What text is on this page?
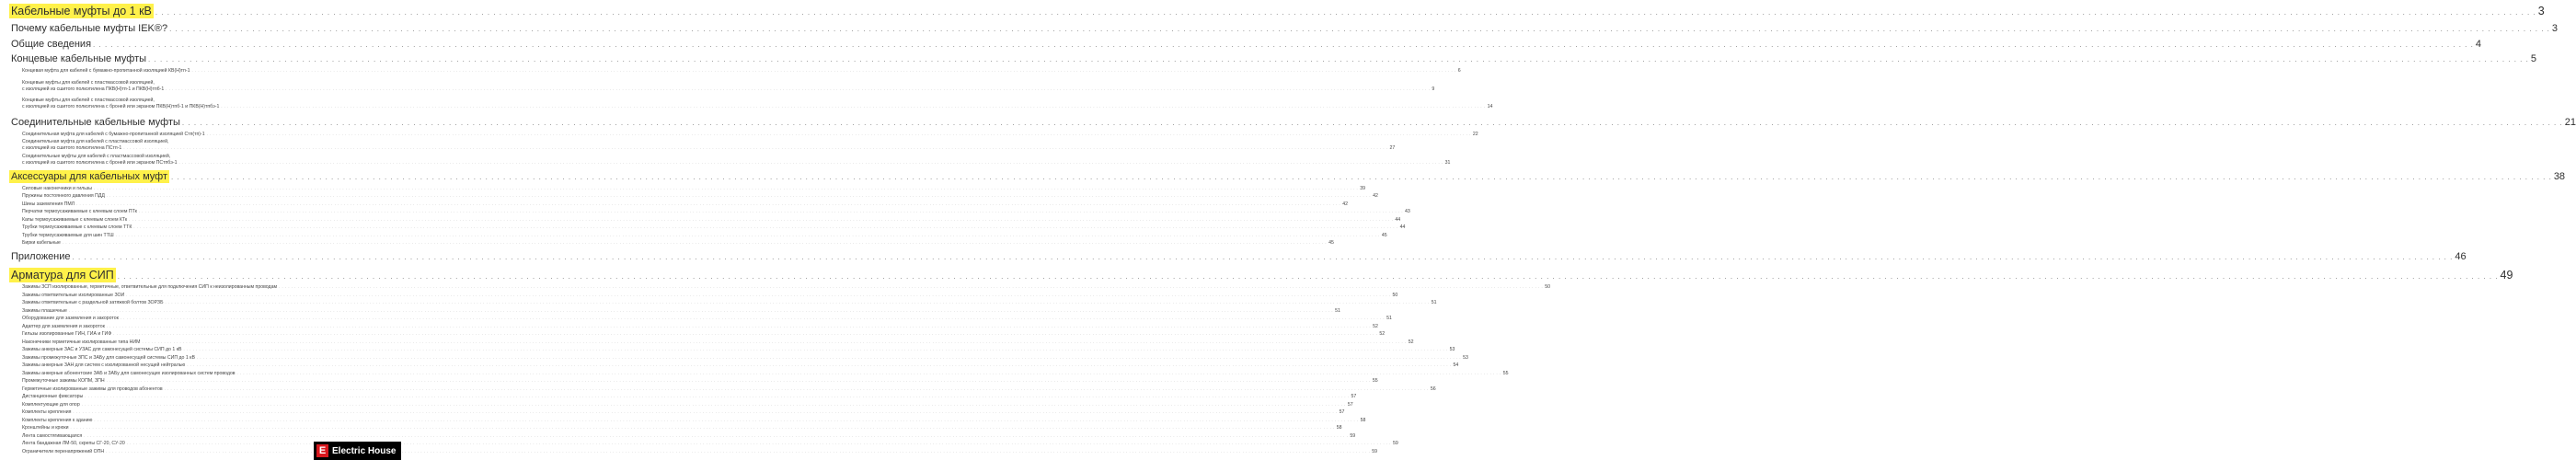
Кабельные муфты до 1 кВ . . .	3
Почему кабельные муфты IEK®? . . .	3
Общие сведения . . .	4
Концевые кабельные муфты . . .	5
Концевая муфта для кабелей с бумажно-пропитанной изоляцией КВ(Н)тп-1 . . .	6
Концевые муфты для кабелей с пластмассовой изоляцией,
с изоляцией из сшитого полиэтилена ПКВ(Н)тп-1 и ПКВ(Н)тпб-1 . . .	9
Концевые муфты для кабелей с пластмассовой изоляцией,
с изоляцией из сшитого полиэтилена с броней или экраном ПКВ(Н)тпб-1 и ПКВ(Н)тпбэ-1 . . .	14
Соединительные кабельные муфты . . .	21
Соединительная муфта для кабелей с бумажно-пропитанной изоляцией Стп(тп)-1 . . .	22
Соединительная муфта для кабелей с пластмассовой изоляцией,
с изоляцией из сшитого полиэтилена ПСтп-1 . . .	27
Соединительные муфты для кабелей с пластмассовой изоляцией,
с изоляцией из сшитого полиэтилена с броней или экраном ПСтпбэ-1 . . .	31
Аксессуары для кабельных муфт . . .	38
Силовые наконечники и гильзы . . .	39
Пружины постоянного давления ПДД . . .	42
Шины заземления ПМЛ . . .	42
Перчатки термоусаживаемые с клеевым слоем ПТк . . .	43
Капы термоусаживаемые с клеевым слоем КТк . . .	44
Трубки термоусаживаемые с клеевым слоем ТТК . . .	44
Трубки термоусаживаемые для шин ТТШ . . .	45
Бирки кабельные . . .	45
Приложение . . .	46
Арматура для СИП . . .	49
Зажимы ЗСП изолированные, герметичные, ответвительные для подключения СИП к неизолированным проводам . . .	50
Зажимы ответвительные изолированные ЗОИ . . .	50
Зажимы ответвительные с раздельной затяжкой болтов ЗОРЗБ . . .	51
Зажимы плашечные . . .	51
Оборудование для заземления и закороток . . .	51
Адаптер для заземления и закороток . . .	52
Гильзы изолированные ГИН, ГИА и ГИФ . . .	52
Наконечники герметичные изолированные типа НИМ . . .	52
Зажимы анкерные ЗАС и УЗАС для самонесущей системы СИП до 1 кВ . . .	53
Зажимы промежуточные ЗПС и ЗАБу для самонесущей системы СИП до 1 кВ . . .	53
Зажимы анкерные ЗАН для систем с изолированной несущей нейтралью . . .	54
Зажимы анкерные абонентские ЗАБ и ЗАБу для самонесущих изолированных систем проводов . . .	55
Промежуточные зажимы КОПМ, ЗПН . . .	55
Герметичные изолированные зажимы для проводов абонентов . . .	56
Дистанционные фиксаторы . . .	57
Комплектующие для опор . . .	57
Комплекты крепления . . .	57
Комплекты крепления к зданию . . .	58
Кронштейны и крюки . . .	58
Лента самостягивающаяся . . .	59
Лента бандажная ЛМ-50, скрепы СГ-20, СУ-20 . . .	59
Ограничители перенапряжений ОПН . . .	59
E Electric House
